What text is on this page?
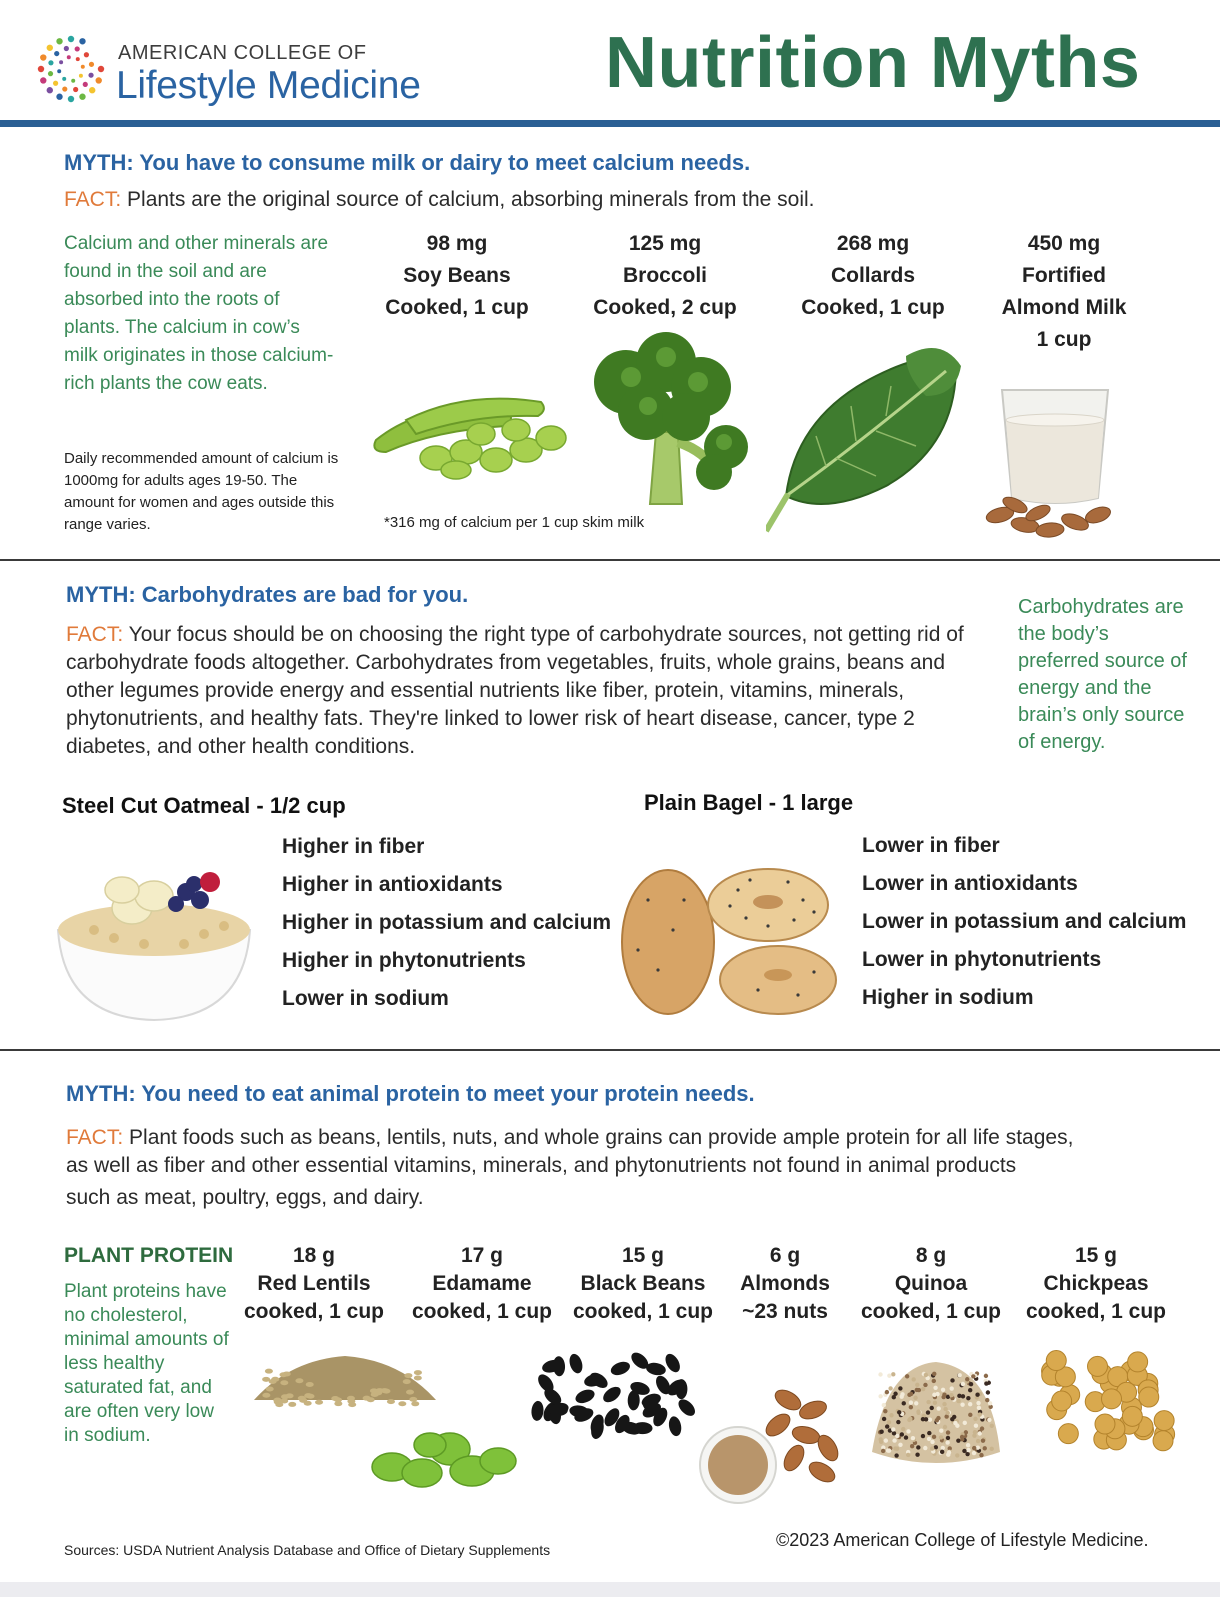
AMERICAN COLLEGE OF
Lifestyle Medicine	Nutrition Myths
MYTH: You have to consume milk or dairy to meet calcium needs.
FACT: Plants are the original source of calcium, absorbing minerals from the soil.
Calcium and other minerals are found in the soil and are absorbed into the roots of plants. The calcium in cow’s milk originates in those calcium-rich plants the cow eats.
Daily recommended amount of calcium is 1000mg for adults ages 19-50. The amount for women and ages outside this range varies.	*316 mg of calcium per 1 cup skim milk
98 mg
Soy Beans
Cooked, 1 cup
125 mg
Broccoli
Cooked, 2 cup
268 mg
Collards
Cooked, 1 cup
450 mg
Fortified
Almond Milk
1 cup
MYTH: Carbohydrates are bad for you.
FACT: Your focus should be on choosing the right type of carbohydrate sources, not getting rid of carbohydrate foods altogether. Carbohydrates from vegetables, fruits, whole grains, beans and other legumes provide energy and essential nutrients like fiber, protein, vitamins, minerals, phytonutrients, and healthy fats. They're linked to lower risk of heart disease, cancer, type 2 diabetes, and other health conditions.
Carbohydrates are the body’s preferred source of energy and the brain’s only source of energy.
Steel Cut Oatmeal - 1/2 cup	Plain Bagel - 1 large
Higher in fiber
Higher in antioxidants
Higher in potassium and calcium
Higher in phytonutrients
Lower in sodium
Lower in fiber
Lower in antioxidants
Lower in potassium and calcium
Lower in phytonutrients
Higher in sodium
MYTH: You need to eat animal protein to meet your protein needs.
FACT: Plant foods such as beans, lentils, nuts, and whole grains can provide ample protein for all life stages,
as well as fiber and other essential vitamins, minerals, and phytonutrients not found in animal products
such as meat, poultry, eggs, and dairy.
PLANT PROTEIN
Plant proteins have no cholesterol, minimal amounts of less healthy saturated fat, and are often very low in sodium.
18 g
Red Lentils
cooked, 1 cup
17 g
Edamame
cooked, 1 cup
15 g
Black Beans
cooked, 1 cup
6 g
Almonds
~23 nuts
8 g
Quinoa
cooked, 1 cup
15 g
Chickpeas
cooked, 1 cup
Sources: USDA Nutrient Analysis Database and Office of Dietary Supplements	©2023 American College of Lifestyle Medicine.
